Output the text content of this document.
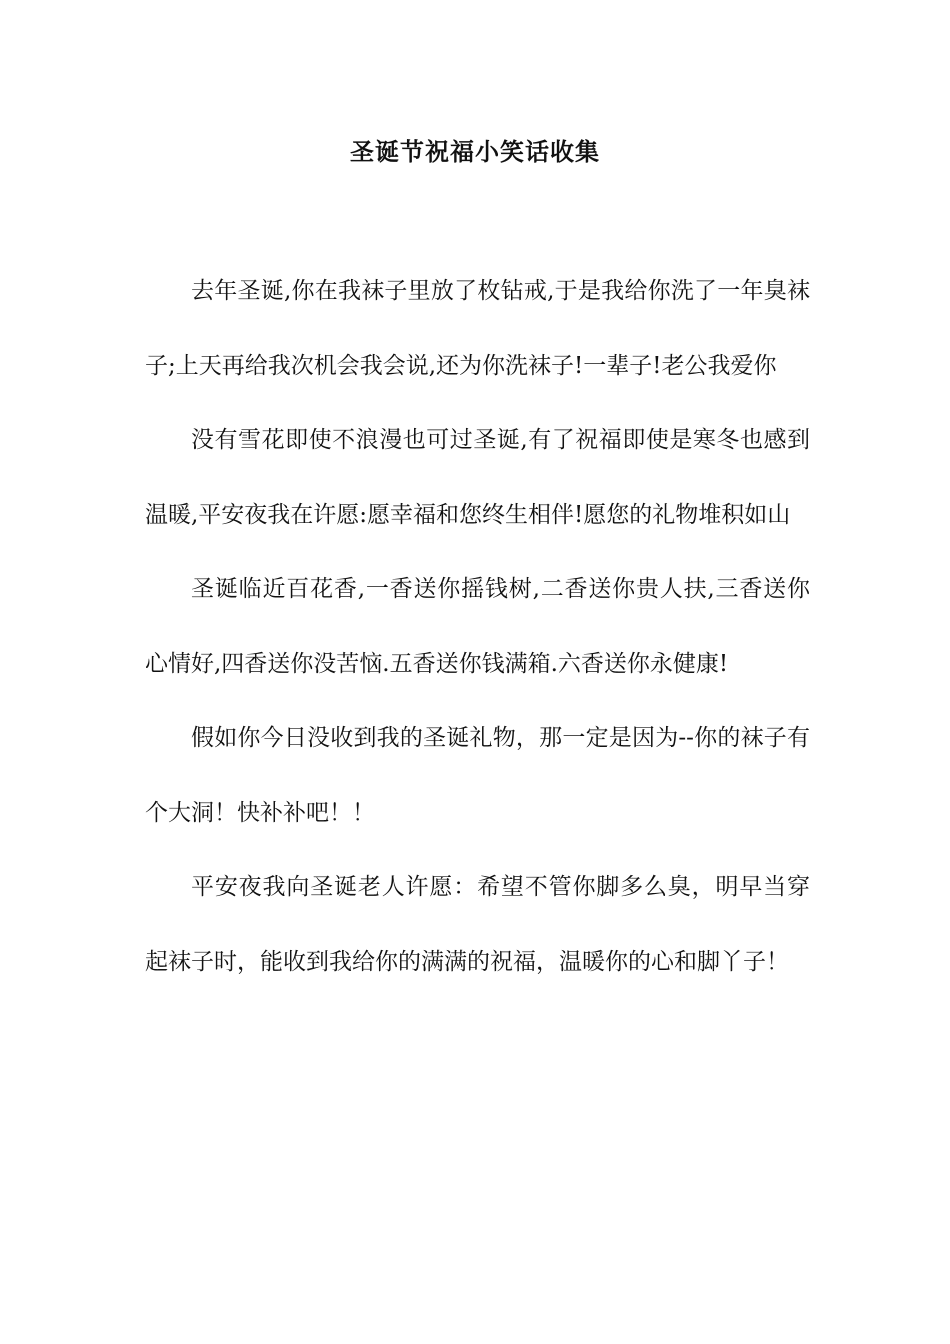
圣诞节祝福小笑话收集

去年圣诞,你在我袜子里放了枚钻戒,于是我给你洗了一年臭袜子;上天再给我次机会我会说,还为你洗袜子!一辈子!老公我爱你

没有雪花即使不浪漫也可过圣诞,有了祝福即使是寒冬也感到温暖,平安夜我在许愿:愿幸福和您终生相伴!愿您的礼物堆积如山

圣诞临近百花香,一香送你摇钱树,二香送你贵人扶,三香送你心情好,四香送你没苦恼.五香送你钱满箱.六香送你永健康!

假如你今日没收到我的圣诞礼物，那一定是因为--你的袜子有个大洞！快补补吧！！

平安夜我向圣诞老人许愿：希望不管你脚多么臭，明早当穿起袜子时，能收到我给你的满满的祝福，温暖你的心和脚丫子！
